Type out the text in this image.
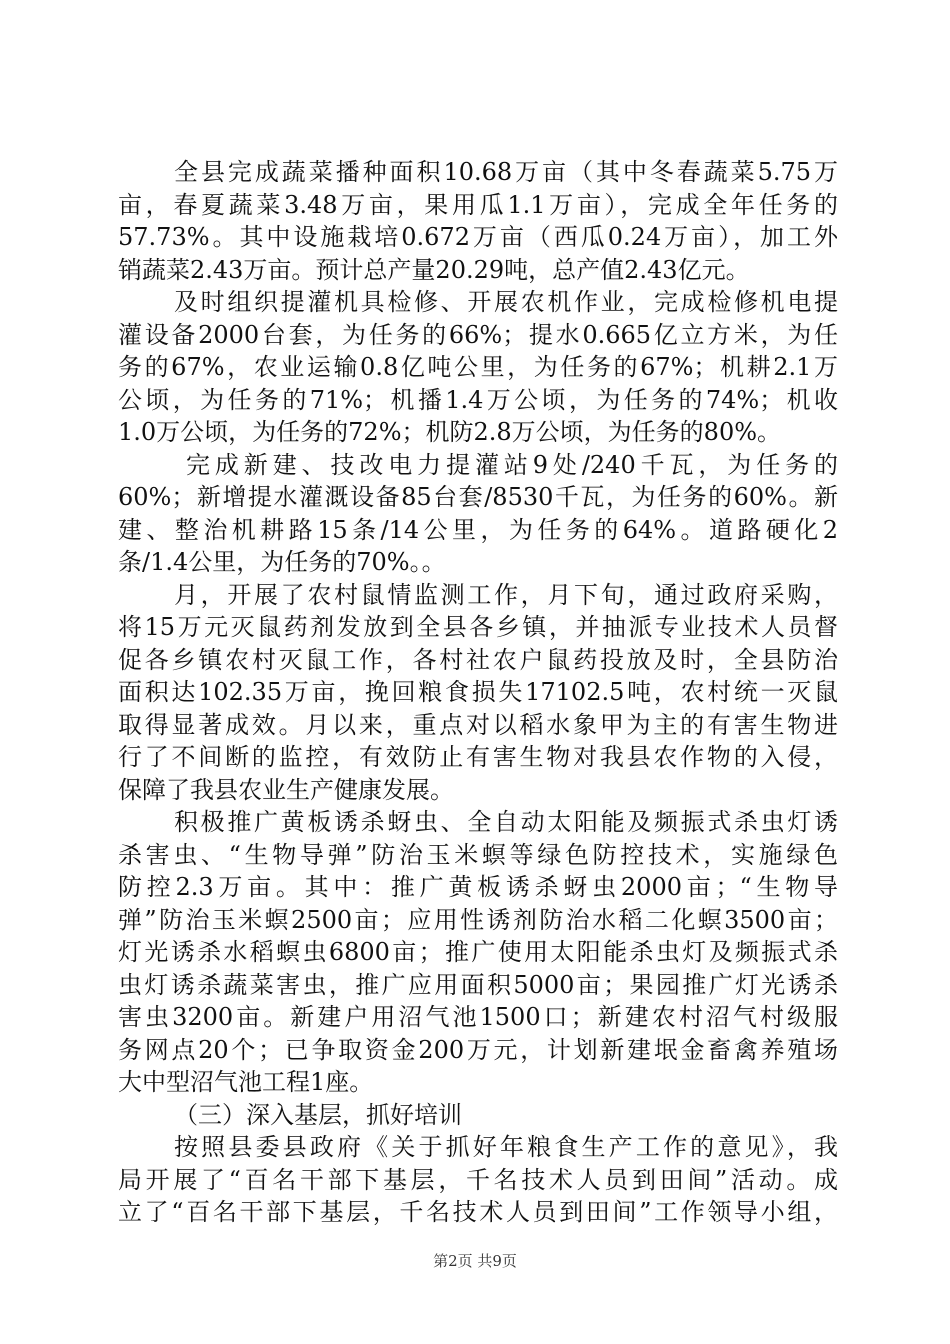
全县完成蔬菜播种面积10.68万亩（其中冬春蔬菜5.75万
亩，春夏蔬菜3.48万亩，果用瓜1.1万亩），完成全年任务的
57.73%。其中设施栽培0.672万亩（西瓜0.24万亩），加工外
销蔬菜2.43万亩。预计总产量20.29吨，总产值2.43亿元。
及时组织提灌机具检修、开展农机作业，完成检修机电提
灌设备2000台套，为任务的66%；提水0.665亿立方米，为任
务的67%，农业运输0.8亿吨公里，为任务的67%；机耕2.1万
公顷，为任务的71%；机播1.4万公顷，为任务的74%；机收
1.0万公顷，为任务的72%；机防2.8万公顷，为任务的80%。
完成新建、技改电力提灌站9处/240千瓦，为任务的
60%；新增提水灌溉设备85台套/8530千瓦，为任务的60%。新
建、整治机耕路15条/14公里，为任务的64%。道路硬化2
条/1.4公里，为任务的70%。。
月，开展了农村鼠情监测工作，月下旬，通过政府采购，
将15万元灭鼠药剂发放到全县各乡镇，并抽派专业技术人员督
促各乡镇农村灭鼠工作，各村社农户鼠药投放及时，全县防治
面积达102.35万亩，挽回粮食损失17102.5吨，农村统一灭鼠
取得显著成效。月以来，重点对以稻水象甲为主的有害生物进
行了不间断的监控，有效防止有害生物对我县农作物的入侵，
保障了我县农业生产健康发展。
积极推广黄板诱杀蚜虫、全自动太阳能及频振式杀虫灯诱
杀害虫、“生物导弹”防治玉米螟等绿色防控技术，实施绿色
防控2.3万亩。其中：推广黄板诱杀蚜虫2000亩；“生物导
弹”防治玉米螟2500亩；应用性诱剂防治水稻二化螟3500亩；
灯光诱杀水稻螟虫6800亩；推广使用太阳能杀虫灯及频振式杀
虫灯诱杀蔬菜害虫，推广应用面积5000亩；果园推广灯光诱杀
害虫3200亩。新建户用沼气池1500口；新建农村沼气村级服
务网点20个；已争取资金200万元，计划新建垊金畜禽养殖场
大中型沼气池工程1座。
（三）深入基层，抓好培训
按照县委县政府《关于抓好年粮食生产工作的意见》，我
局开展了“百名干部下基层，千名技术人员到田间”活动。成
立了“百名干部下基层，千名技术人员到田间”工作领导小组，
第2页 共9页
